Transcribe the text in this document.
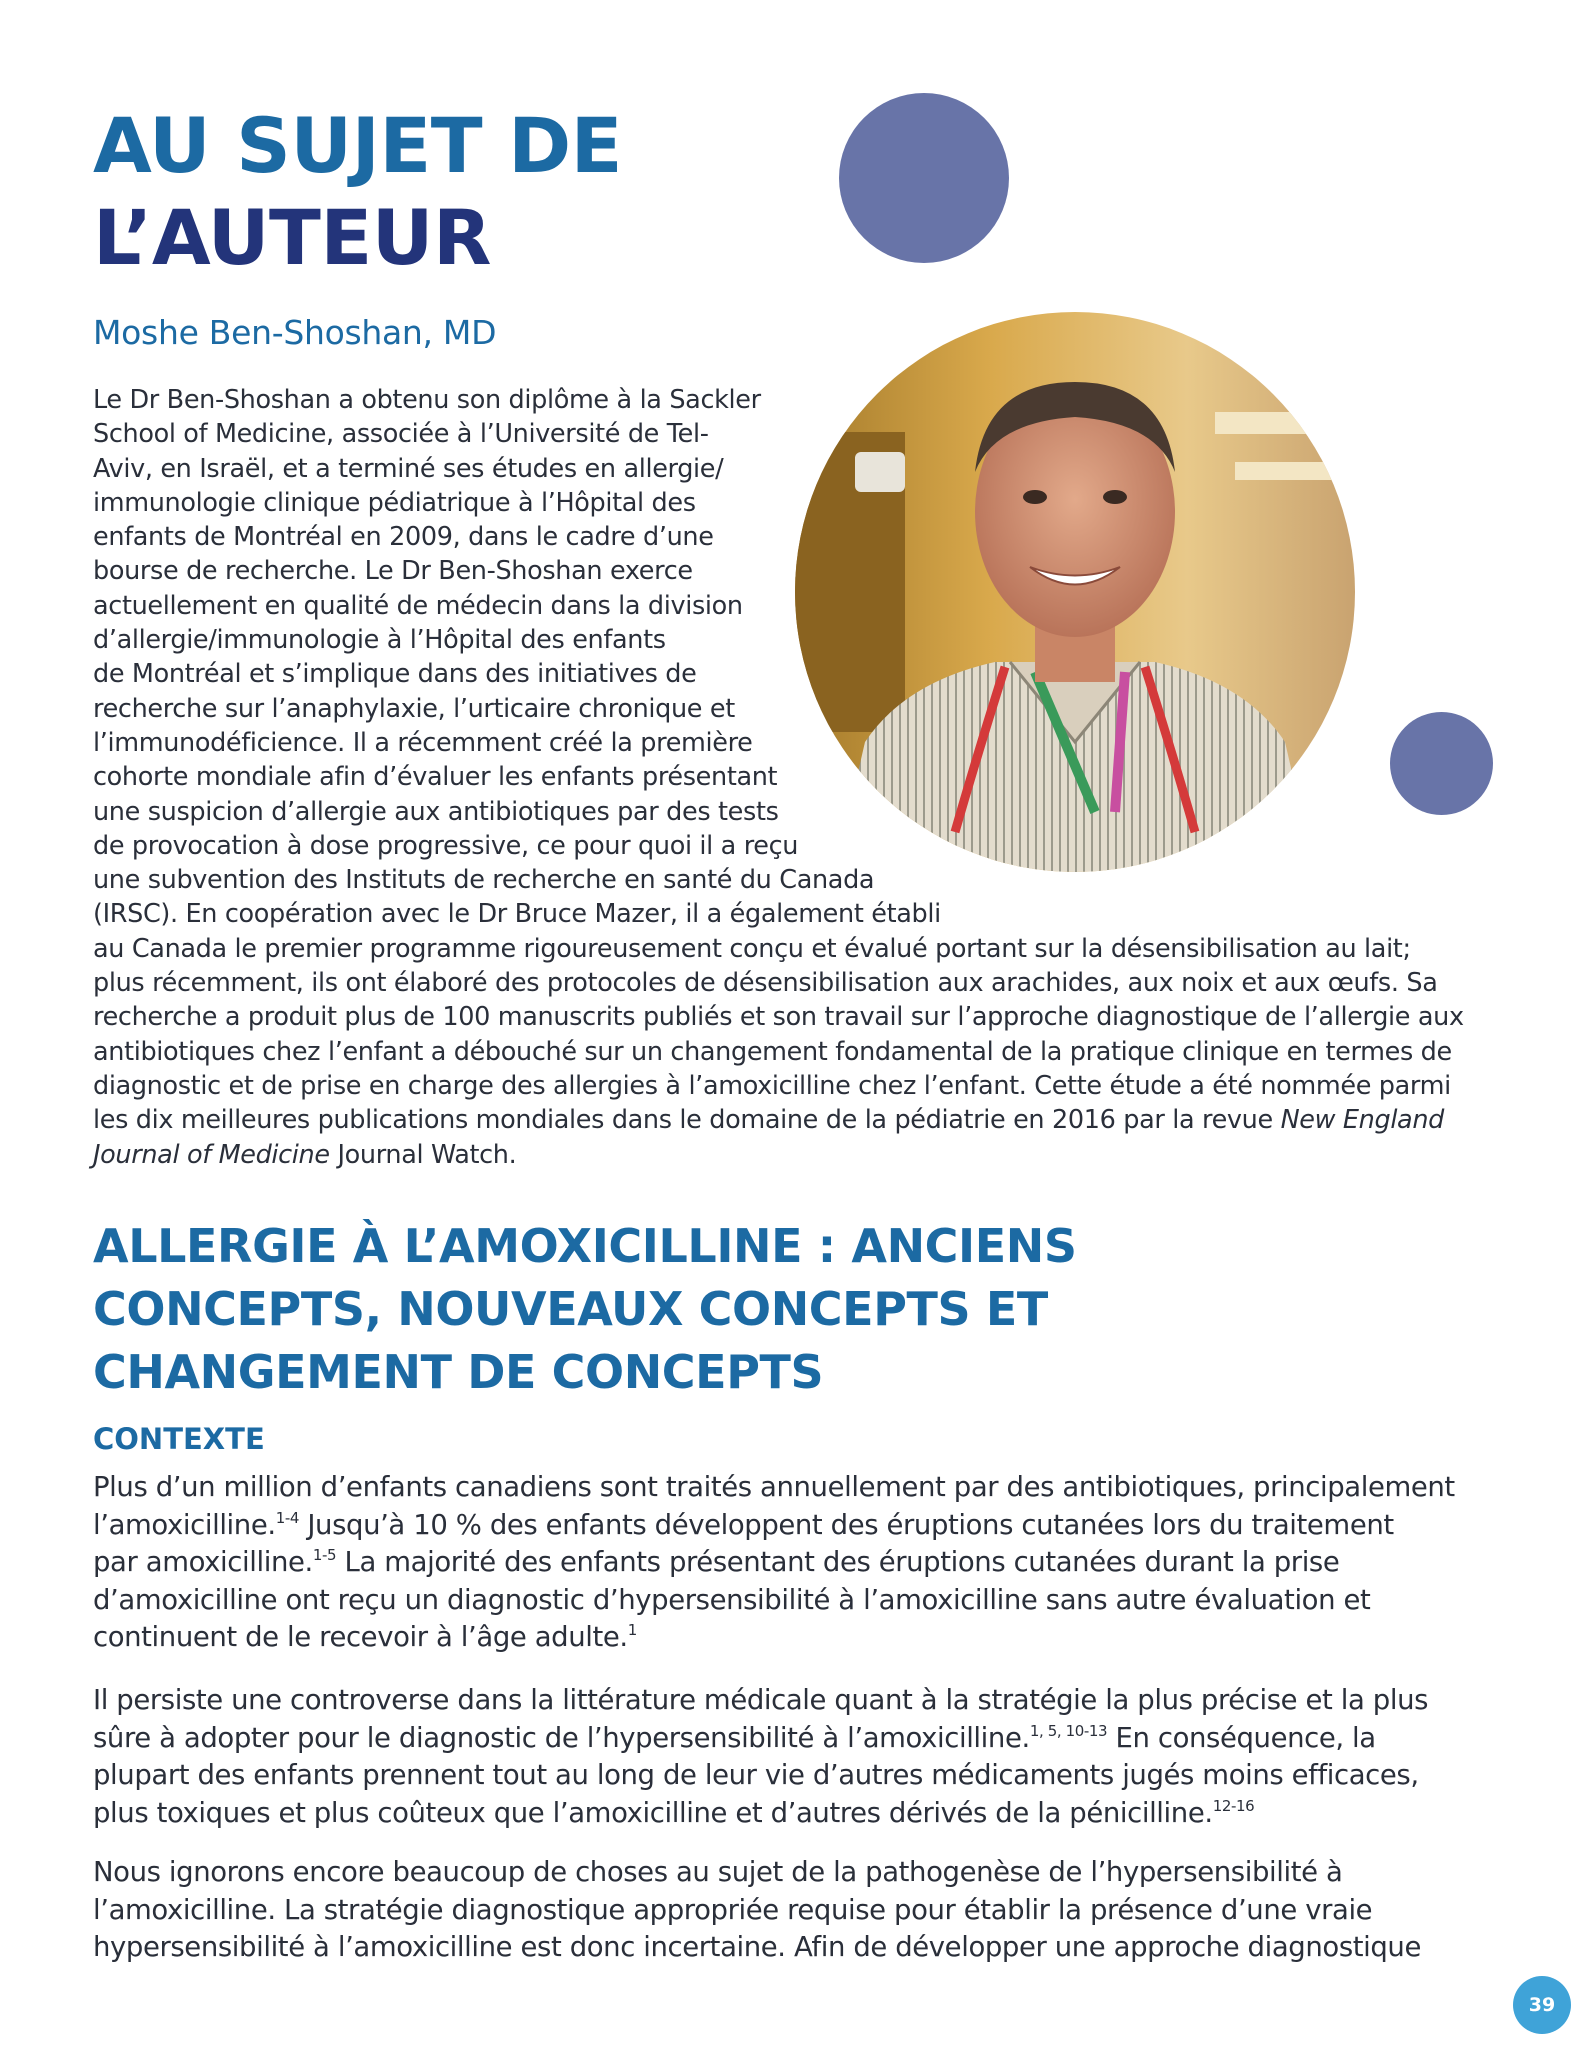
AU SUJET DE
L’AUTEUR
Moshe Ben-Shoshan, MD
Le Dr Ben-Shoshan a obtenu son diplôme à la Sackler
School of Medicine, associée à l’Université de Tel-
Aviv, en Israël, et a terminé ses études en allergie/
immunologie clinique pédiatrique à l’Hôpital des
enfants de Montréal en 2009, dans le cadre d’une
bourse de recherche. Le Dr Ben-Shoshan exerce
actuellement en qualité de médecin dans la division
d’allergie/immunologie à l’Hôpital des enfants
de Montréal et s’implique dans des initiatives de
recherche sur l’anaphylaxie, l’urticaire chronique et
l’immunodéficience. Il a récemment créé la première
cohorte mondiale afin d’évaluer les enfants présentant
une suspicion d’allergie aux antibiotiques par des tests
de provocation à dose progressive, ce pour quoi il a reçu
une subvention des Instituts de recherche en santé du Canada
(IRSC). En coopération avec le Dr Bruce Mazer, il a également établi
au Canada le premier programme rigoureusement conçu et évalué portant sur la désensibilisation au lait;
plus récemment, ils ont élaboré des protocoles de désensibilisation aux arachides, aux noix et aux œufs. Sa
recherche a produit plus de 100 manuscrits publiés et son travail sur l’approche diagnostique de l’allergie aux
antibiotiques chez l’enfant a débouché sur un changement fondamental de la pratique clinique en termes de
diagnostic et de prise en charge des allergies à l’amoxicilline chez l’enfant. Cette étude a été nommée parmi
les dix meilleures publications mondiales dans le domaine de la pédiatrie en 2016 par la revue New England
Journal of Medicine Journal Watch.
ALLERGIE À L’AMOXICILLINE : ANCIENS
CONCEPTS, NOUVEAUX CONCEPTS ET
CHANGEMENT DE CONCEPTS
CONTEXTE

Plus d’un million d’enfants canadiens sont traités annuellement par des antibiotiques, principalement
l’amoxicilline.$^{1-4}$ Jusqu’à 10 % des enfants développent des éruptions cutanées lors du traitement
par amoxicilline.$^{1-5}$ La majorité des enfants présentant des éruptions cutanées durant la prise
d’amoxicilline ont reçu un diagnostic d’hypersensibilité à l’amoxicilline sans autre évaluation et
continuent de le recevoir à l’âge adulte.$^1$

Il persiste une controverse dans la littérature médicale quant à la stratégie la plus précise et la plus
sûre à adopter pour le diagnostic de l’hypersensibilité à l’amoxicilline.$^{1, 5, 10-13}$ En conséquence, la
plupart des enfants prennent tout au long de leur vie d’autres médicaments jugés moins efficaces,
plus toxiques et plus coûteux que l’amoxicilline et d’autres dérivés de la pénicilline.$^{12-16}$

Nous ignorons encore beaucoup de choses au sujet de la pathogenèse de l’hypersensibilité à
l’amoxicilline. La stratégie diagnostique appropriée requise pour établir la présence d’une vraie
hypersensibilité à l’amoxicilline est donc incertaine. Afin de développer une approche diagnostique

39
